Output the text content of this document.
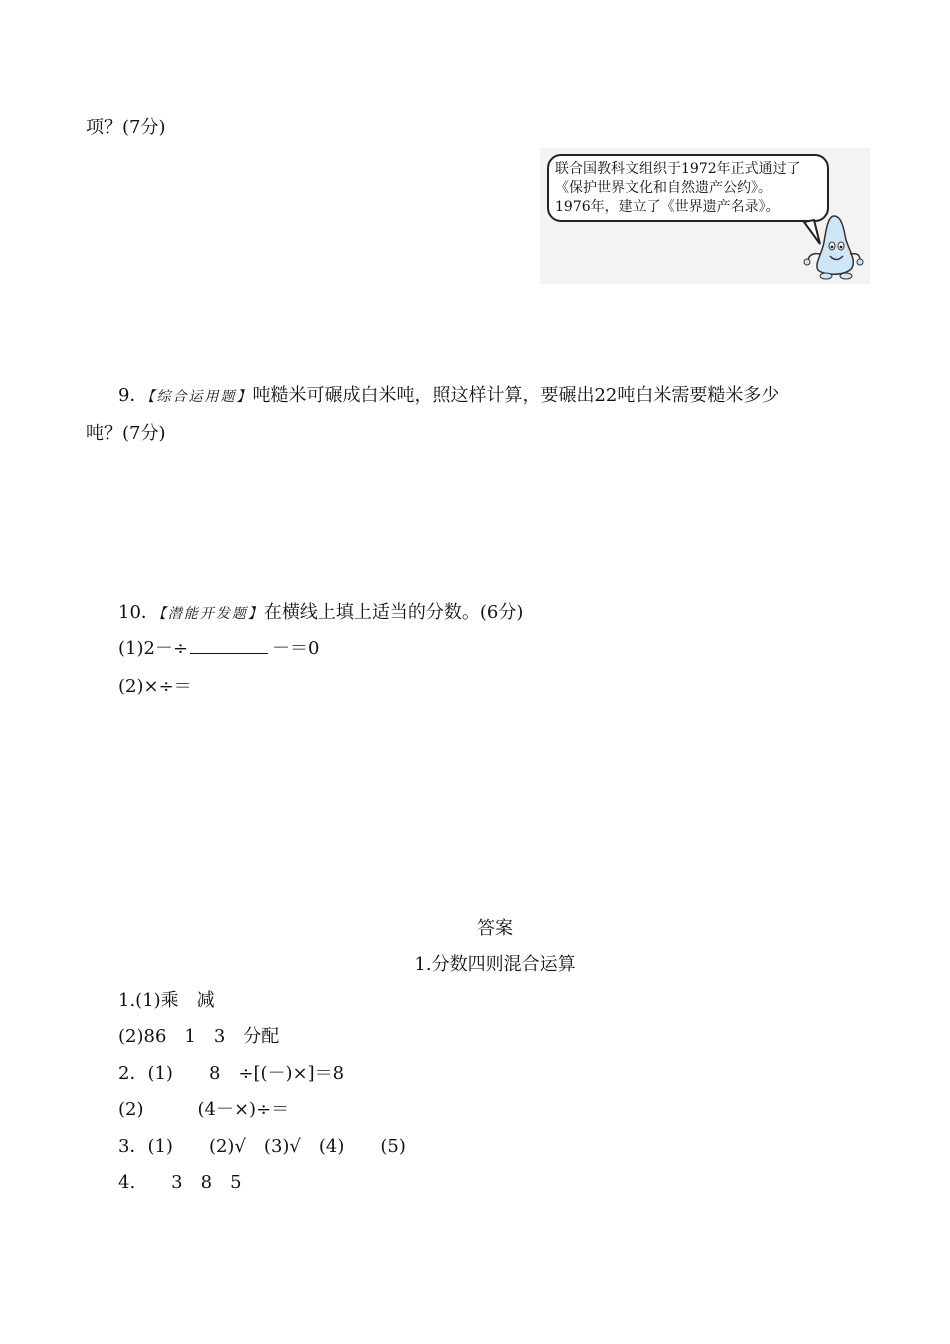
项？(7分)
联合国教科文组织于1972年正式通过了
《保护世界文化和自然遗产公约》。
1976年，建立了《世界遗产名录》。
9．【综合运用题】吨糙米可碾成白米吨，照这样计算，要碾出22吨白米需要糙米多少
吨？(7分)
10．【潜能开发题】在横线上填上适当的分数。(6分)
(1)2－÷	－＝0
(2)×÷＝
答案
1.分数四则混合运算
1.(1)乘　减
(2)86　1　3　分配
2．(1)　　8　÷[(－)×]＝8
(2)　　　(4－×)÷＝
3．(1)　　(2)√　(3)√　(4)　　(5)
4.　　3　8　5
